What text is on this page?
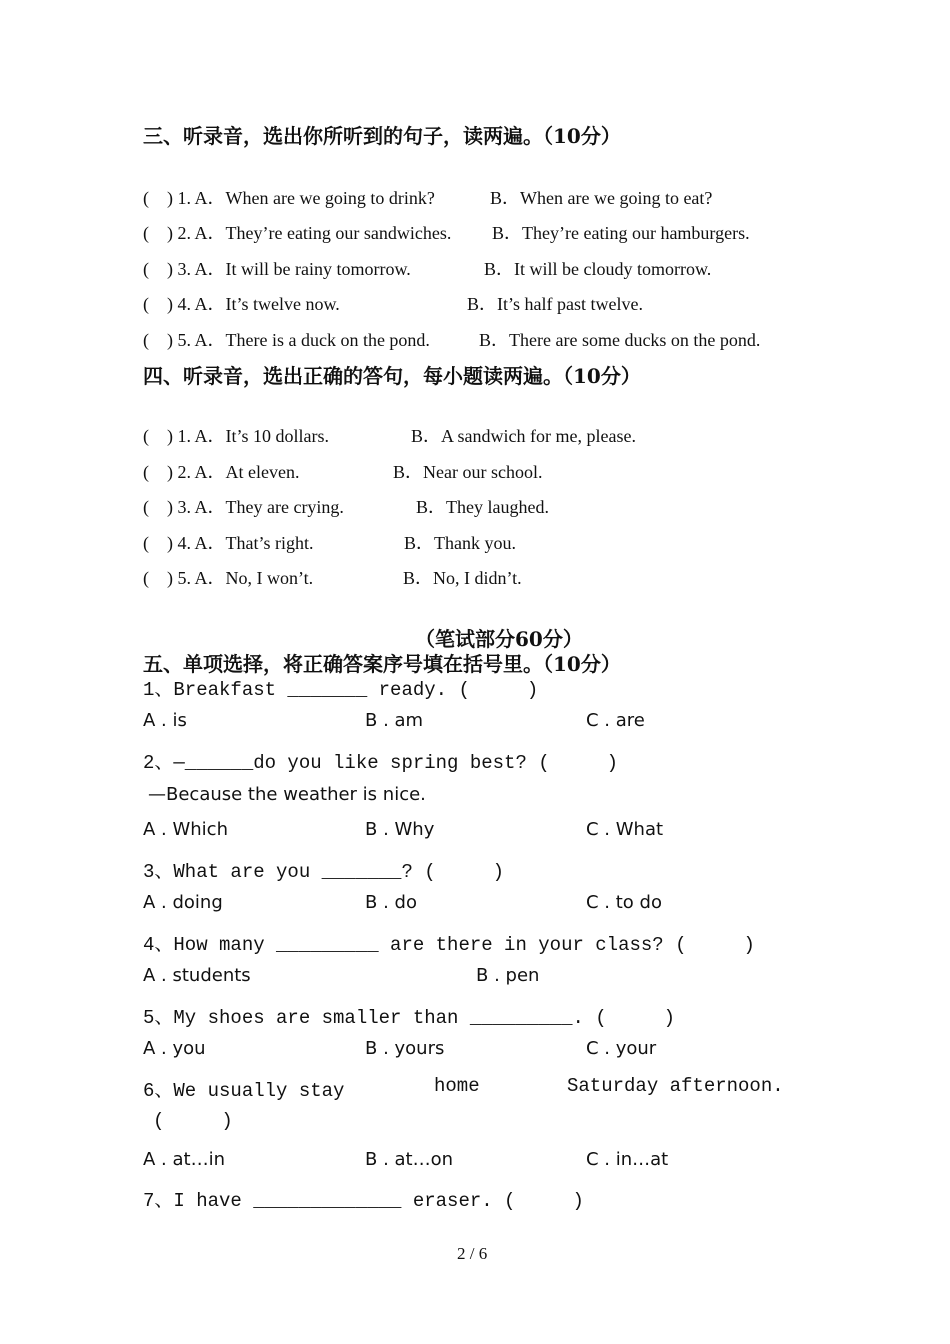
三、听录音，选出你所听到的句子，读两遍。（10分）
(    ) 1. A．When are we going to drink?	B．When are we going to eat?
(    ) 2. A．They’re eating our sandwiches. B．They’re eating our hamburgers.
(    ) 3. A．It will be rainy tomorrow.	B．It will be cloudy tomorrow.
(    ) 4. A．It’s twelve now.	B．It’s half past twelve.
(    ) 5. A．There is a duck on the pond.	B．There are some ducks on the pond.
四、听录音，选出正确的答句，每小题读两遍。（10分）
(    ) 1. A．It’s 10 dollars.	B．A sandwich for me, please.
(    ) 2. A．At eleven.	B．Near our school.
(    ) 3. A．They are crying.	B．They laughed.
(    ) 4. A．That’s right.	B．Thank you.
(    ) 5. A．No, I won’t.	B．No, I didn’t.
（笔试部分60分）
五、单项选择，将正确答案序号填在括号里。（10分）
1、Breakfast _______ ready. (     )
A . is	B . am	C . are
2、—______do you like spring best? (     )
—Because the weather is nice.
A . Which	B . Why	C . What
3、What are you _______? (     )
A . doing	B . do	C . to do
4、How many _________ are there in your class? (     )
A . students	B . pen
5、My shoes are smaller than _________. (     )
A . you	B . yours	C . your
6、We usually stay	home	Saturday afternoon.
(     )
A . at…in	B . at…on	C . in…at
7、I have _____________ eraser. (     )
2 / 6
